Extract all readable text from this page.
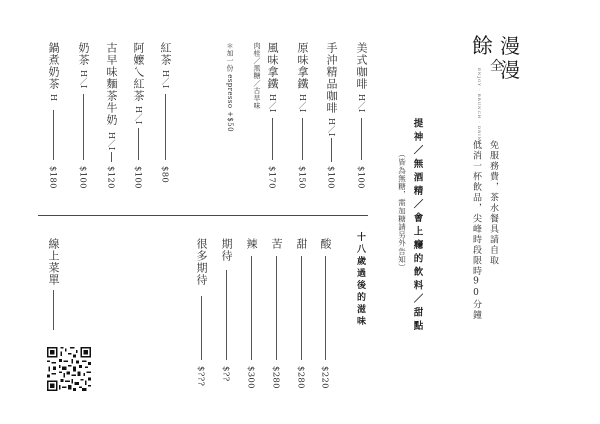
餘
全
漫
漫
ENJOY · BRUNCH · DRINK
免服務費，茶水餐具請自取
低消一杯飲品，尖峰時段限時90分鐘
提神／無酒精／會上癮的飲料／甜點
（皆為無糖，需加糖請另外告知）
美式咖啡
H／I
$100
手沖精品咖啡
H／I
$100
原味拿鐵
H／I
$150
風味拿鐵
H／I
$170
肉桂／黑糖／古早味
＊加一份 espresso +$50
紅茶
H／I
$80
阿嬤乀紅茶
H／I
$100
古早味麵茶牛奶
H／I
$120
奶茶
H／I
$100
鍋煮奶茶
H
$180
十八歲過後的滋味
酸
$220
甜
$280
苦
$280
辣
$300
期待
$??
很多期待
$???
線上菜單
